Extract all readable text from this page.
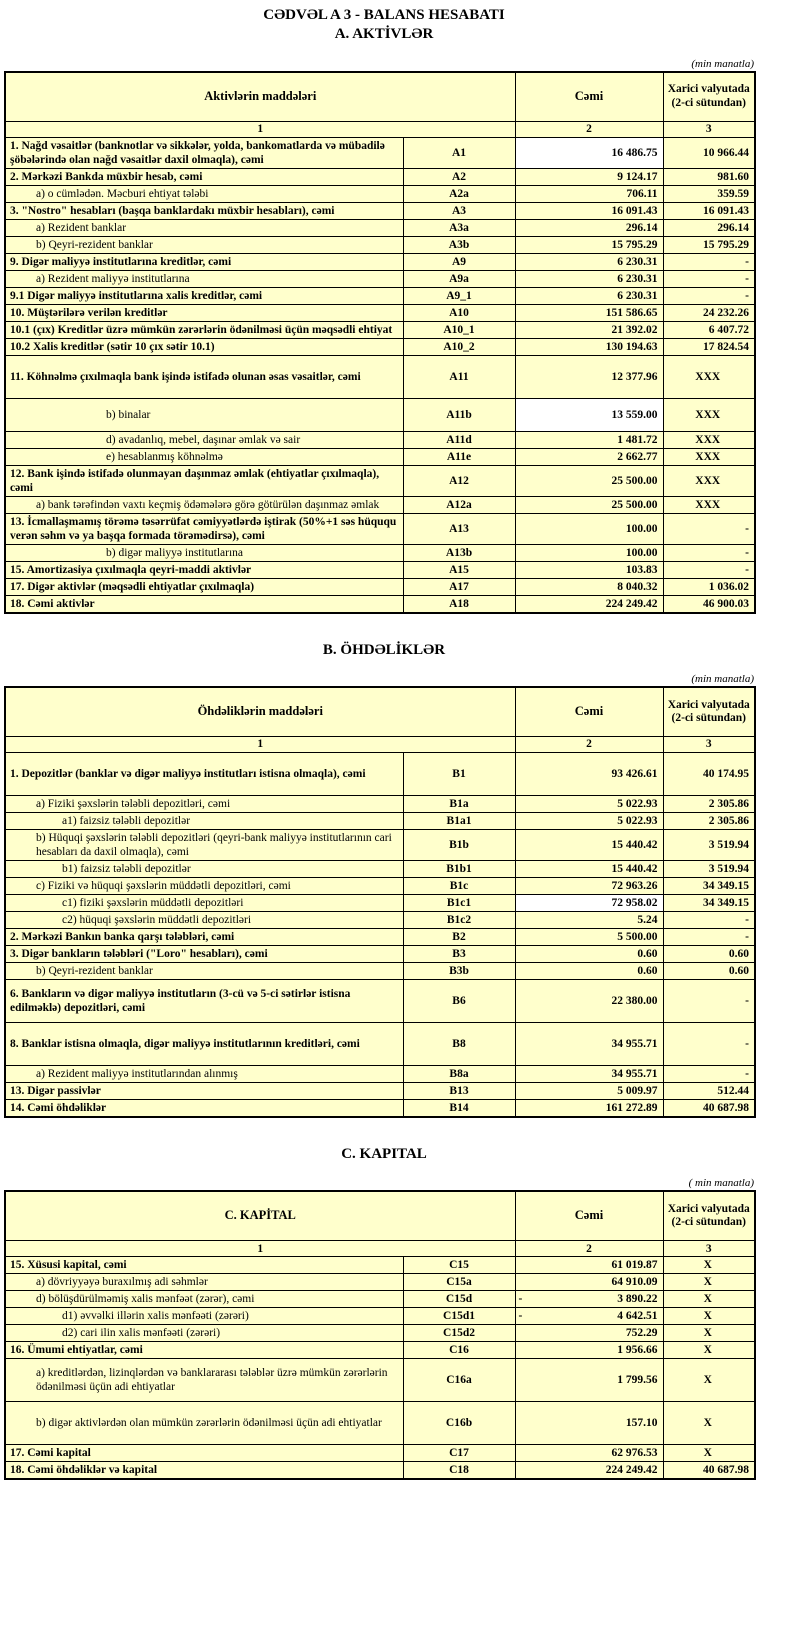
CƏDVƏL A 3 - BALANS HESABATI
A. AKTİVLƏR
(min manatla)
Aktivlərin maddələri		Cəmi	Xarici valyutada (2-ci sütundan)
1		2	3
1. Nağd vəsaitlər (banknotlar və sikkələr, yolda, bankomatlarda və mübadilə şöbələrində olan nağd vəsaitlər daxil olmaqla), cəmi	A1	16 486.75	10 966.44
2. Mərkəzi Bankda müxbir hesab, cəmi	A2	9 124.17	981.60
a) o cümlədən. Məcburi ehtiyat tələbi	A2a	706.11	359.59
3. "Nostro" hesabları (başqa banklardakı müxbir hesabları), cəmi	A3	16 091.43	16 091.43
a) Rezident banklar	A3a	296.14	296.14
b) Qeyri-rezident banklar	A3b	15 795.29	15 795.29
9. Digər maliyyə institutlarına kreditlər, cəmi	A9	6 230.31	-
a) Rezident maliyyə institutlarına	A9a	6 230.31	-
9.1 Digər maliyyə institutlarına xalis kreditlər, cəmi	A9_1	6 230.31	-
10. Müştərilərə verilən kreditlər	A10	151 586.65	24 232.26
10.1 (çıx) Kreditlər üzrə mümkün zərərlərin ödənilməsi üçün məqsədli ehtiyat	A10_1	21 392.02	6 407.72
10.2 Xalis kreditlər (sətir 10 çıx sətir 10.1)	A10_2	130 194.63	17 824.54
11. Köhnəlmə çıxılmaqla bank işində istifadə olunan əsas vəsaitlər, cəmi	A11	12 377.96	XXX
b) binalar	A11b	13 559.00	XXX
d) avadanlıq, mebel, daşınar əmlak və sair	A11d	1 481.72	XXX
e) hesablanmış köhnəlmə	A11e	2 662.77	XXX
12. Bank işində istifadə olunmayan daşınmaz əmlak (ehtiyatlar çıxılmaqla), cəmi	A12	25 500.00	XXX
a) bank tərəfindən vaxtı keçmiş ödəmələrə görə götürülən daşınmaz əmlak	A12a	25 500.00	XXX
13. İcmallaşmamış törəmə təsərrüfat cəmiyyətlərdə iştirak (50%+1 səs hüququ verən səhm və ya başqa formada törəmədirsə), cəmi	A13	100.00	-
b) digər maliyyə institutlarına	A13b	100.00	-
15. Amortizasiya çıxılmaqla qeyri-maddi aktivlər	A15	103.83	-
17. Digər aktivlər (məqsədli ehtiyatlar çıxılmaqla)	A17	8 040.32	1 036.02
18. Cəmi aktivlər	A18	224 249.42	46 900.03
B. ÖHDƏLİKLƏR
(min manatla)
Öhdəliklərin maddələri		Cəmi	Xarici valyutada (2-ci sütundan)
1		2	3
1. Depozitlər (banklar və digər maliyyə institutları istisna olmaqla), cəmi	B1	93 426.61	40 174.95
a) Fiziki şəxslərin tələbli depozitləri, cəmi	B1a	5 022.93	2 305.86
a1) faizsiz tələbli depozitlər	B1a1	5 022.93	2 305.86
b) Hüquqi şəxslərin tələbli depozitləri (qeyri-bank maliyyə institutlarının cari hesabları da daxil olmaqla), cəmi	B1b	15 440.42	3 519.94
b1) faizsiz tələbli depozitlər	B1b1	15 440.42	3 519.94
c) Fiziki və hüquqi şəxslərin müddətli depozitləri, cəmi	B1c	72 963.26	34 349.15
c1) fiziki şəxslərin müddətli depozitləri	B1c1	72 958.02	34 349.15
c2) hüquqi şəxslərin müddətli depozitləri	B1c2	5.24	-
2. Mərkəzi Bankın banka qarşı tələbləri, cəmi	B2	5 500.00	-
3. Digər bankların tələbləri ("Loro" hesabları), cəmi	B3	0.60	0.60
b) Qeyri-rezident banklar	B3b	0.60	0.60
6. Bankların və digər maliyyə institutların (3-cü və 5-ci sətirlər istisna edilməklə) depozitləri, cəmi	B6	22 380.00	-
8. Banklar istisna olmaqla, digər maliyyə institutlarının kreditləri, cəmi	B8	34 955.71	-
a) Rezident maliyyə institutlarından alınmış	B8a	34 955.71	-
13. Digər passivlər	B13	5 009.97	512.44
14. Cəmi öhdəliklər	B14	161 272.89	40 687.98
C. KAPITAL
( min manatla)
C. KAPİTAL		Cəmi	Xarici valyutada (2-ci sütundan)
1		2	3
15. Xüsusi kapital, cəmi	C15	61 019.87	X
a) dövriyyəyə buraxılmış adi səhmlər	C15a	64 910.09	X
d) bölüşdürülməmiş xalis mənfəət (zərər), cəmi	C15d	- 3 890.22	X
d1) əvvəlki illərin xalis mənfəəti (zərəri)	C15d1	- 4 642.51	X
d2) cari ilin xalis mənfəəti (zərəri)	C15d2	752.29	X
16. Ümumi ehtiyatlar, cəmi	C16	1 956.66	X
a) kreditlərdən, lizinqlərdən və banklararası tələblər üzrə mümkün zərərlərin ödənilməsi üçün adi ehtiyatlar	C16a	1 799.56	X
b) digər aktivlərdən olan mümkün zərərlərin ödənilməsi üçün adi ehtiyatlar	C16b	157.10	X
17. Cəmi kapital	C17	62 976.53	X
18. Cəmi öhdəliklər və kapital	C18	224 249.42	40 687.98
